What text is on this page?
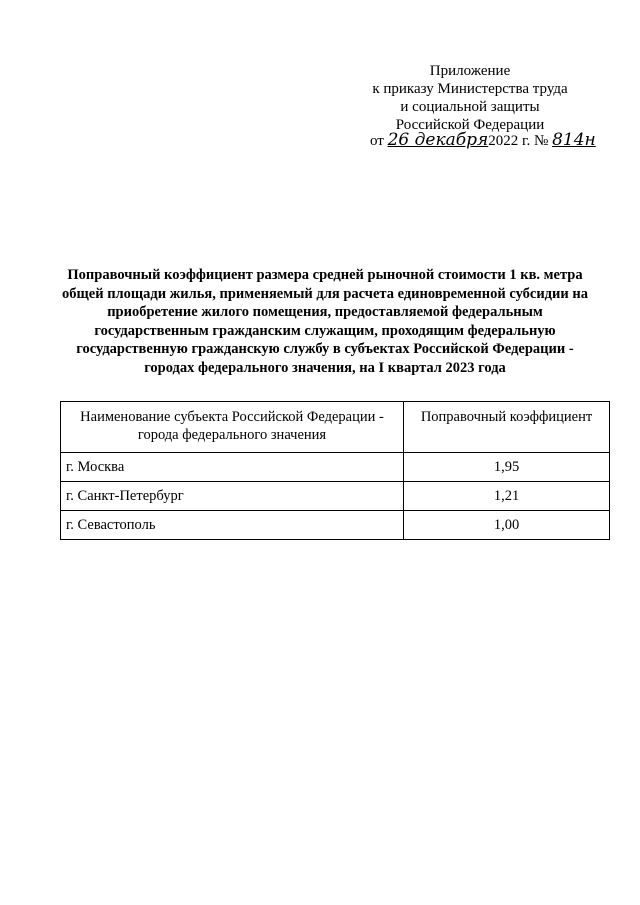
Приложение
к приказу Министерства труда
и социальной защиты
Российской Федерации
от 26 декабря2022 г. № 814н
Поправочный коэффициент размера средней рыночной стоимости 1 кв. метра
общей площади жилья, применяемый для расчета единовременной субсидии на
приобретение жилого помещения, предоставляемой федеральным
государственным гражданским служащим, проходящим федеральную
государственную гражданскую службу в субъектах Российской Федерации -
городах федерального значения, на I квартал 2023 года
Наименование субъекта Российской Федерации - города федерального значения	Поправочный коэффициент
г. Москва	1,95
г. Санкт-Петербург	1,21
г. Севастополь	1,00
